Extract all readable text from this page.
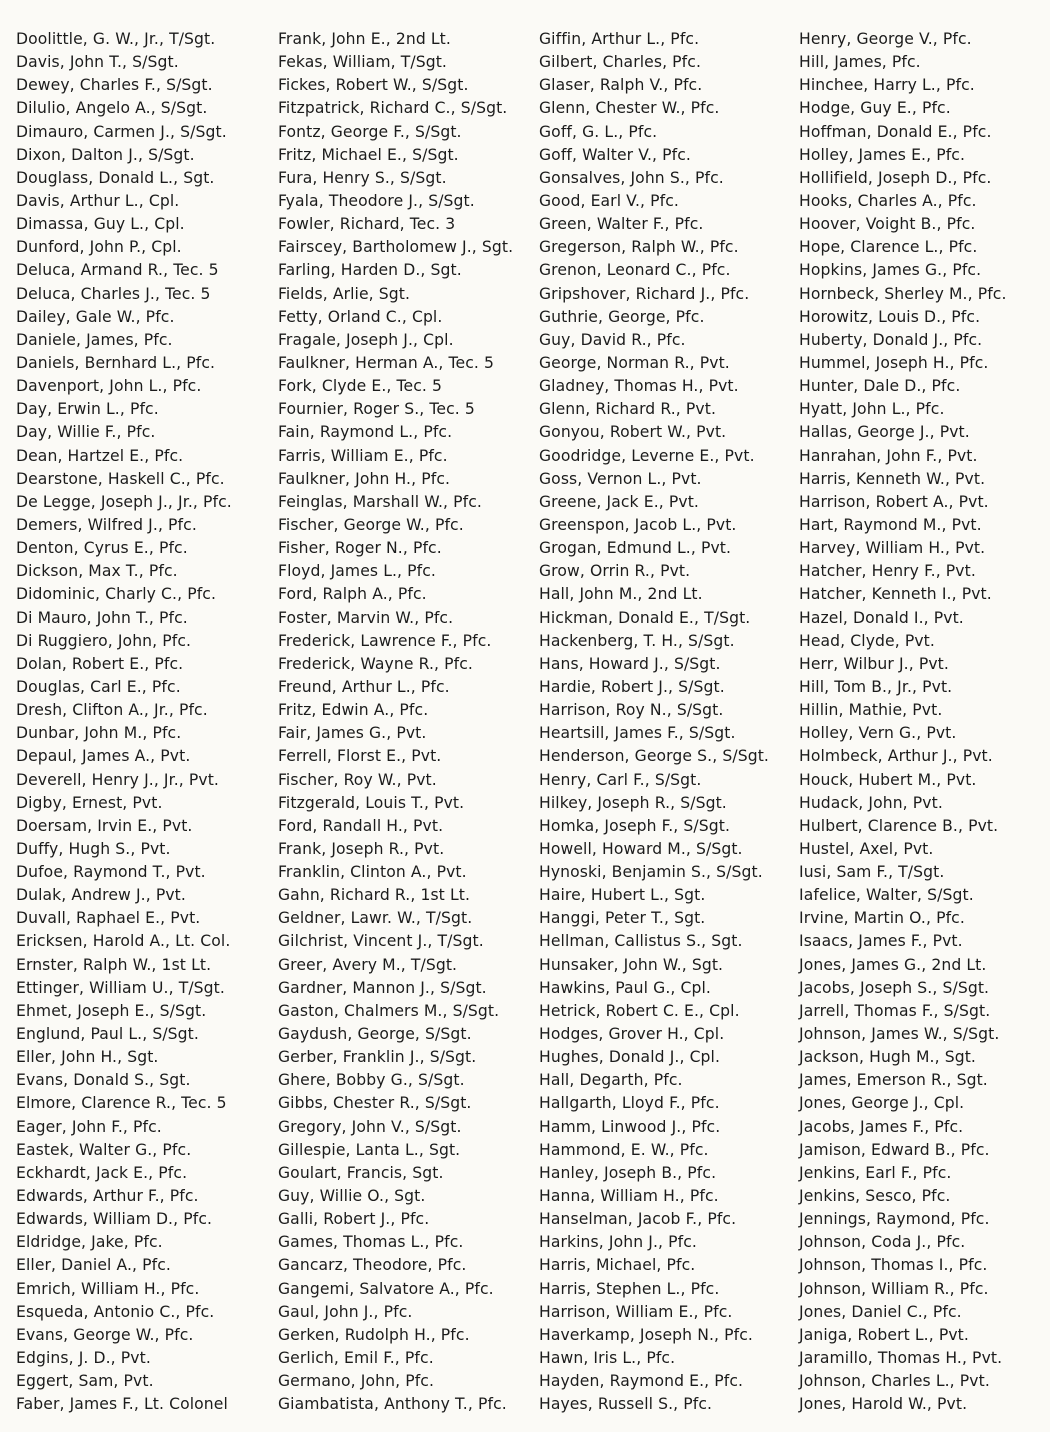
Doolittle, G. W., Jr., T/Sgt.
Davis, John T., S/Sgt.
Dewey, Charles F., S/Sgt.
Dilulio, Angelo A., S/Sgt.
Dimauro, Carmen J., S/Sgt.
Dixon, Dalton J., S/Sgt.
Douglass, Donald L., Sgt.
Davis, Arthur L., Cpl.
Dimassa, Guy L., Cpl.
Dunford, John P., Cpl.
Deluca, Armand R., Tec. 5
Deluca, Charles J., Tec. 5
Dailey, Gale W., Pfc.
Daniele, James, Pfc.
Daniels, Bernhard L., Pfc.
Davenport, John L., Pfc.
Day, Erwin L., Pfc.
Day, Willie F., Pfc.
Dean, Hartzel E., Pfc.
Dearstone, Haskell C., Pfc.
De Legge, Joseph J., Jr., Pfc.
Demers, Wilfred J., Pfc.
Denton, Cyrus E., Pfc.
Dickson, Max T., Pfc.
Didominic, Charly C., Pfc.
Di Mauro, John T., Pfc.
Di Ruggiero, John, Pfc.
Dolan, Robert E., Pfc.
Douglas, Carl E., Pfc.
Dresh, Clifton A., Jr., Pfc.
Dunbar, John M., Pfc.
Depaul, James A., Pvt.
Deverell, Henry J., Jr., Pvt.
Digby, Ernest, Pvt.
Doersam, Irvin E., Pvt.
Duffy, Hugh S., Pvt.
Dufoe, Raymond T., Pvt.
Dulak, Andrew J., Pvt.
Duvall, Raphael E., Pvt.
Ericksen, Harold A., Lt. Col.
Ernster, Ralph W., 1st Lt.
Ettinger, William U., T/Sgt.
Ehmet, Joseph E., S/Sgt.
Englund, Paul L., S/Sgt.
Eller, John H., Sgt.
Evans, Donald S., Sgt.
Elmore, Clarence R., Tec. 5
Eager, John F., Pfc.
Eastek, Walter G., Pfc.
Eckhardt, Jack E., Pfc.
Edwards, Arthur F., Pfc.
Edwards, William D., Pfc.
Eldridge, Jake, Pfc.
Eller, Daniel A., Pfc.
Emrich, William H., Pfc.
Esqueda, Antonio C., Pfc.
Evans, George W., Pfc.
Edgins, J. D., Pvt.
Eggert, Sam, Pvt.
Faber, James F., Lt. Colonel
Frank, John E., 2nd Lt.
Fekas, William, T/Sgt.
Fickes, Robert W., S/Sgt.
Fitzpatrick, Richard C., S/Sgt.
Fontz, George F., S/Sgt.
Fritz, Michael E., S/Sgt.
Fura, Henry S., S/Sgt.
Fyala, Theodore J., S/Sgt.
Fowler, Richard, Tec. 3
Fairscey, Bartholomew J., Sgt.
Farling, Harden D., Sgt.
Fields, Arlie, Sgt.
Fetty, Orland C., Cpl.
Fragale, Joseph J., Cpl.
Faulkner, Herman A., Tec. 5
Fork, Clyde E., Tec. 5
Fournier, Roger S., Tec. 5
Fain, Raymond L., Pfc.
Farris, William E., Pfc.
Faulkner, John H., Pfc.
Feinglas, Marshall W., Pfc.
Fischer, George W., Pfc.
Fisher, Roger N., Pfc.
Floyd, James L., Pfc.
Ford, Ralph A., Pfc.
Foster, Marvin W., Pfc.
Frederick, Lawrence F., Pfc.
Frederick, Wayne R., Pfc.
Freund, Arthur L., Pfc.
Fritz, Edwin A., Pfc.
Fair, James G., Pvt.
Ferrell, Florst E., Pvt.
Fischer, Roy W., Pvt.
Fitzgerald, Louis T., Pvt.
Ford, Randall H., Pvt.
Frank, Joseph R., Pvt.
Franklin, Clinton A., Pvt.
Gahn, Richard R., 1st Lt.
Geldner, Lawr. W., T/Sgt.
Gilchrist, Vincent J., T/Sgt.
Greer, Avery M., T/Sgt.
Gardner, Mannon J., S/Sgt.
Gaston, Chalmers M., S/Sgt.
Gaydush, George, S/Sgt.
Gerber, Franklin J., S/Sgt.
Ghere, Bobby G., S/Sgt.
Gibbs, Chester R., S/Sgt.
Gregory, John V., S/Sgt.
Gillespie, Lanta L., Sgt.
Goulart, Francis, Sgt.
Guy, Willie O., Sgt.
Galli, Robert J., Pfc.
Games, Thomas L., Pfc.
Gancarz, Theodore, Pfc.
Gangemi, Salvatore A., Pfc.
Gaul, John J., Pfc.
Gerken, Rudolph H., Pfc.
Gerlich, Emil F., Pfc.
Germano, John, Pfc.
Giambatista, Anthony T., Pfc.
Giffin, Arthur L., Pfc.
Gilbert, Charles, Pfc.
Glaser, Ralph V., Pfc.
Glenn, Chester W., Pfc.
Goff, G. L., Pfc.
Goff, Walter V., Pfc.
Gonsalves, John S., Pfc.
Good, Earl V., Pfc.
Green, Walter F., Pfc.
Gregerson, Ralph W., Pfc.
Grenon, Leonard C., Pfc.
Gripshover, Richard J., Pfc.
Guthrie, George, Pfc.
Guy, David R., Pfc.
George, Norman R., Pvt.
Gladney, Thomas H., Pvt.
Glenn, Richard R., Pvt.
Gonyou, Robert W., Pvt.
Goodridge, Leverne E., Pvt.
Goss, Vernon L., Pvt.
Greene, Jack E., Pvt.
Greenspon, Jacob L., Pvt.
Grogan, Edmund L., Pvt.
Grow, Orrin R., Pvt.
Hall, John M., 2nd Lt.
Hickman, Donald E., T/Sgt.
Hackenberg, T. H., S/Sgt.
Hans, Howard J., S/Sgt.
Hardie, Robert J., S/Sgt.
Harrison, Roy N., S/Sgt.
Heartsill, James F., S/Sgt.
Henderson, George S., S/Sgt.
Henry, Carl F., S/Sgt.
Hilkey, Joseph R., S/Sgt.
Homka, Joseph F., S/Sgt.
Howell, Howard M., S/Sgt.
Hynoski, Benjamin S., S/Sgt.
Haire, Hubert L., Sgt.
Hanggi, Peter T., Sgt.
Hellman, Callistus S., Sgt.
Hunsaker, John W., Sgt.
Hawkins, Paul G., Cpl.
Hetrick, Robert C. E., Cpl.
Hodges, Grover H., Cpl.
Hughes, Donald J., Cpl.
Hall, Degarth, Pfc.
Hallgarth, Lloyd F., Pfc.
Hamm, Linwood J., Pfc.
Hammond, E. W., Pfc.
Hanley, Joseph B., Pfc.
Hanna, William H., Pfc.
Hanselman, Jacob F., Pfc.
Harkins, John J., Pfc.
Harris, Michael, Pfc.
Harris, Stephen L., Pfc.
Harrison, William E., Pfc.
Haverkamp, Joseph N., Pfc.
Hawn, Iris L., Pfc.
Hayden, Raymond E., Pfc.
Hayes, Russell S., Pfc.
Henry, George V., Pfc.
Hill, James, Pfc.
Hinchee, Harry L., Pfc.
Hodge, Guy E., Pfc.
Hoffman, Donald E., Pfc.
Holley, James E., Pfc.
Hollifield, Joseph D., Pfc.
Hooks, Charles A., Pfc.
Hoover, Voight B., Pfc.
Hope, Clarence L., Pfc.
Hopkins, James G., Pfc.
Hornbeck, Sherley M., Pfc.
Horowitz, Louis D., Pfc.
Huberty, Donald J., Pfc.
Hummel, Joseph H., Pfc.
Hunter, Dale D., Pfc.
Hyatt, John L., Pfc.
Hallas, George J., Pvt.
Hanrahan, John F., Pvt.
Harris, Kenneth W., Pvt.
Harrison, Robert A., Pvt.
Hart, Raymond M., Pvt.
Harvey, William H., Pvt.
Hatcher, Henry F., Pvt.
Hatcher, Kenneth I., Pvt.
Hazel, Donald I., Pvt.
Head, Clyde, Pvt.
Herr, Wilbur J., Pvt.
Hill, Tom B., Jr., Pvt.
Hillin, Mathie, Pvt.
Holley, Vern G., Pvt.
Holmbeck, Arthur J., Pvt.
Houck, Hubert M., Pvt.
Hudack, John, Pvt.
Hulbert, Clarence B., Pvt.
Hustel, Axel, Pvt.
Iusi, Sam F., T/Sgt.
Iafelice, Walter, S/Sgt.
Irvine, Martin O., Pfc.
Isaacs, James F., Pvt.
Jones, James G., 2nd Lt.
Jacobs, Joseph S., S/Sgt.
Jarrell, Thomas F., S/Sgt.
Johnson, James W., S/Sgt.
Jackson, Hugh M., Sgt.
James, Emerson R., Sgt.
Jones, George J., Cpl.
Jacobs, James F., Pfc.
Jamison, Edward B., Pfc.
Jenkins, Earl F., Pfc.
Jenkins, Sesco, Pfc.
Jennings, Raymond, Pfc.
Johnson, Coda J., Pfc.
Johnson, Thomas I., Pfc.
Johnson, William R., Pfc.
Jones, Daniel C., Pfc.
Janiga, Robert L., Pvt.
Jaramillo, Thomas H., Pvt.
Johnson, Charles L., Pvt.
Jones, Harold W., Pvt.
